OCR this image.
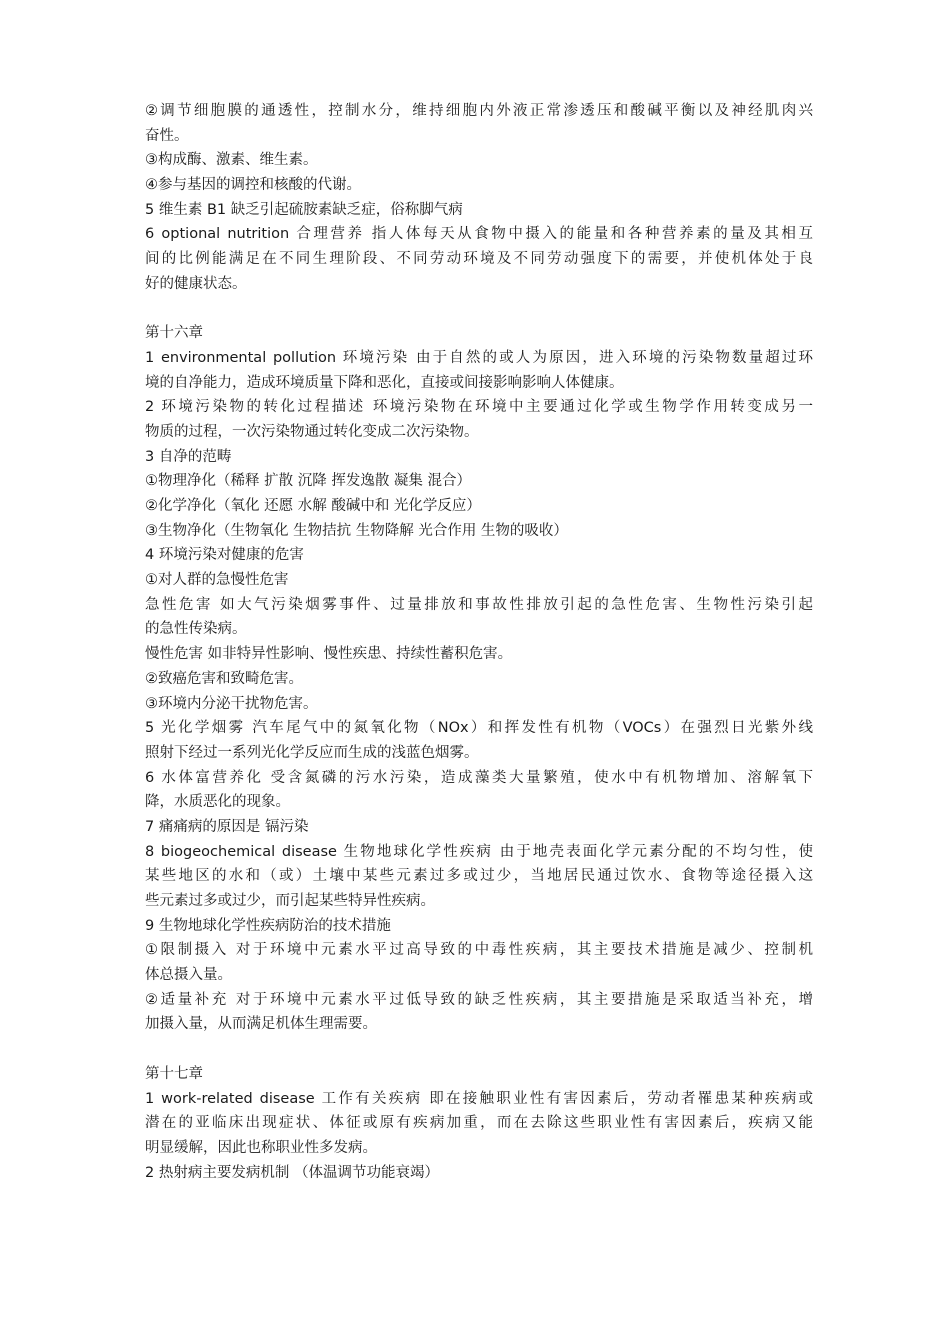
②调节细胞膜的通透性，控制水分，维持细胞内外液正常渗透压和酸碱平衡以及神经肌肉兴
奋性。
③构成酶、激素、维生素。
④参与基因的调控和核酸的代谢。
5 维生素 B1 缺乏引起硫胺素缺乏症，俗称脚气病
6 optional nutrition 合理营养 指人体每天从食物中摄入的能量和各种营养素的量及其相互
间的比例能满足在不同生理阶段、不同劳动环境及不同劳动强度下的需要，并使机体处于良
好的健康状态。
第十六章
1 environmental pollution 环境污染 由于自然的或人为原因，进入环境的污染物数量超过环
境的自净能力，造成环境质量下降和恶化，直接或间接影响影响人体健康。
2 环境污染物的转化过程描述 环境污染物在环境中主要通过化学或生物学作用转变成另一
物质的过程，一次污染物通过转化变成二次污染物。
3 自净的范畴
①物理净化（稀释 扩散 沉降 挥发逸散 凝集 混合）
②化学净化（氧化 还愿 水解 酸碱中和 光化学反应）
③生物净化（生物氧化 生物拮抗 生物降解 光合作用 生物的吸收）
4 环境污染对健康的危害
①对人群的急慢性危害
急性危害 如大气污染烟雾事件、过量排放和事故性排放引起的急性危害、生物性污染引起
的急性传染病。
慢性危害 如非特异性影响、慢性疾患、持续性蓄积危害。
②致癌危害和致畸危害。
③环境内分泌干扰物危害。
5 光化学烟雾 汽车尾气中的氮氧化物（NOx）和挥发性有机物（VOCs）在强烈日光紫外线
照射下经过一系列光化学反应而生成的浅蓝色烟雾。
6 水体富营养化 受含氮磷的污水污染，造成藻类大量繁殖，使水中有机物增加、溶解氧下
降，水质恶化的现象。
7 痛痛病的原因是 镉污染
8 biogeochemical disease 生物地球化学性疾病 由于地壳表面化学元素分配的不均匀性，使
某些地区的水和（或）土壤中某些元素过多或过少，当地居民通过饮水、食物等途径摄入这
些元素过多或过少，而引起某些特异性疾病。
9 生物地球化学性疾病防治的技术措施
①限制摄入 对于环境中元素水平过高导致的中毒性疾病，其主要技术措施是减少、控制机
体总摄入量。
②适量补充 对于环境中元素水平过低导致的缺乏性疾病，其主要措施是采取适当补充，增
加摄入量，从而满足机体生理需要。
第十七章
1 work-related disease 工作有关疾病 即在接触职业性有害因素后，劳动者罹患某种疾病或
潜在的亚临床出现症状、体征或原有疾病加重，而在去除这些职业性有害因素后，疾病又能
明显缓解，因此也称职业性多发病。
2 热射病主要发病机制 （体温调节功能衰竭）
